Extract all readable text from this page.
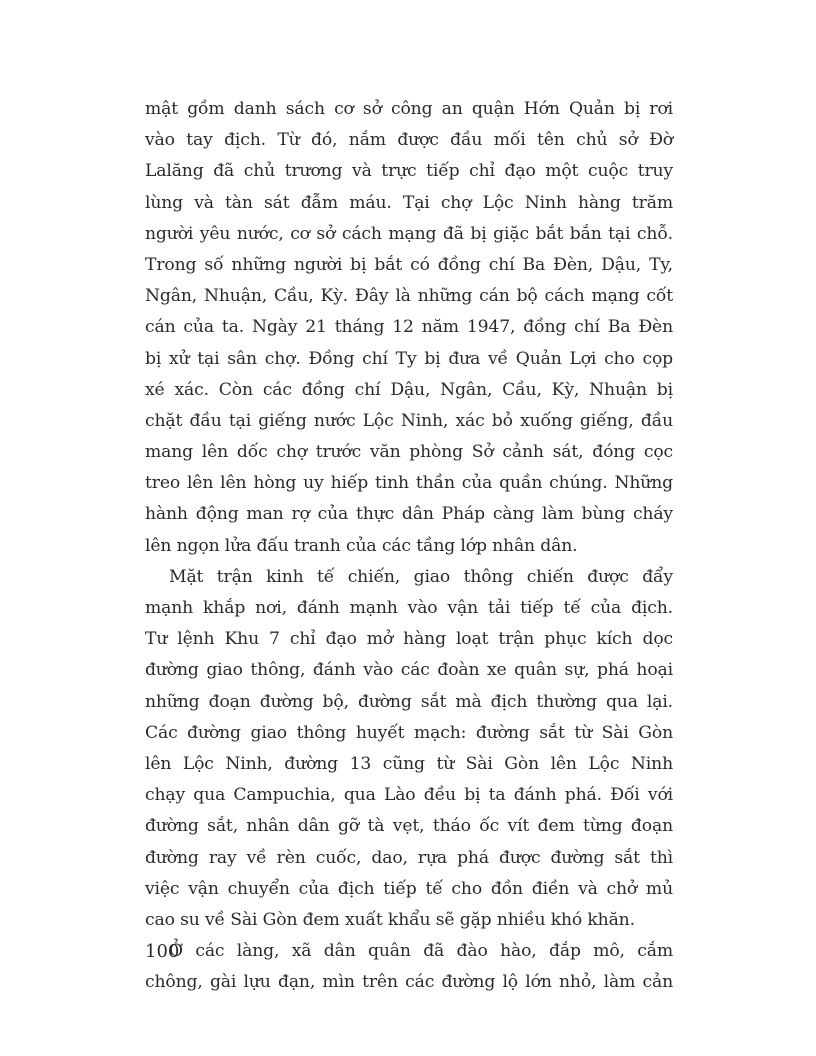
mật gồm danh sách cơ sở công an quận Hớn Quản bị rơi
vào tay địch. Từ đó, nắm được đầu mối tên chủ sở Đờ
Lalăng đã chủ trương và trực tiếp chỉ đạo một cuộc truy
lùng và tàn sát đẫm máu. Tại chợ Lộc Ninh hàng trăm
người yêu nước, cơ sở cách mạng đã bị giặc bắt bắn tại chỗ.
Trong số những người bị bắt có đồng chí Ba Đèn, Dậu, Ty,
Ngân, Nhuận, Cầu, Kỳ. Đây là những cán bộ cách mạng cốt
cán của ta. Ngày 21 tháng 12 năm 1947, đồng chí Ba Đèn
bị xử tại sân chợ. Đồng chí Ty bị đưa về Quản Lợi cho cọp
xé xác. Còn các đồng chí Dậu, Ngân, Cầu, Kỳ, Nhuận bị
chặt đầu tại giếng nước Lộc Ninh, xác bỏ xuống giếng, đầu
mang lên dốc chợ trước văn phòng Sở cảnh sát, đóng cọc
treo lên lên hòng uy hiếp tinh thần của quần chúng. Những
hành động man rợ của thực dân Pháp càng làm bùng cháy
lên ngọn lửa đấu tranh của các tầng lớp nhân dân.
Mặt trận kinh tế chiến, giao thông chiến được đẩy
mạnh khắp nơi, đánh mạnh vào vận tải tiếp tế của địch.
Tư lệnh Khu 7 chỉ đạo mở hàng loạt trận phục kích dọc
đường giao thông, đánh vào các đoàn xe quân sự, phá hoại
những đoạn đường bộ, đường sắt mà địch thường qua lại.
Các đường giao thông huyết mạch: đường sắt từ Sài Gòn
lên Lộc Ninh, đường 13 cũng từ Sài Gòn lên Lộc Ninh
chạy qua Campuchia, qua Lào đều bị ta đánh phá. Đối với
đường sắt, nhân dân gỡ tà vẹt, tháo ốc vít đem từng đoạn
đường ray về rèn cuốc, dao, rựa phá được đường sắt thì
việc vận chuyển của địch tiếp tế cho đồn điền và chở mủ
cao su về Sài Gòn đem xuất khẩu sẽ gặp nhiều khó khăn.
Ở các làng, xã dân quân đã đào hào, đắp mô, cắm
chông, gài lựu đạn, mìn trên các đường lộ lớn nhỏ, làm cản
100
